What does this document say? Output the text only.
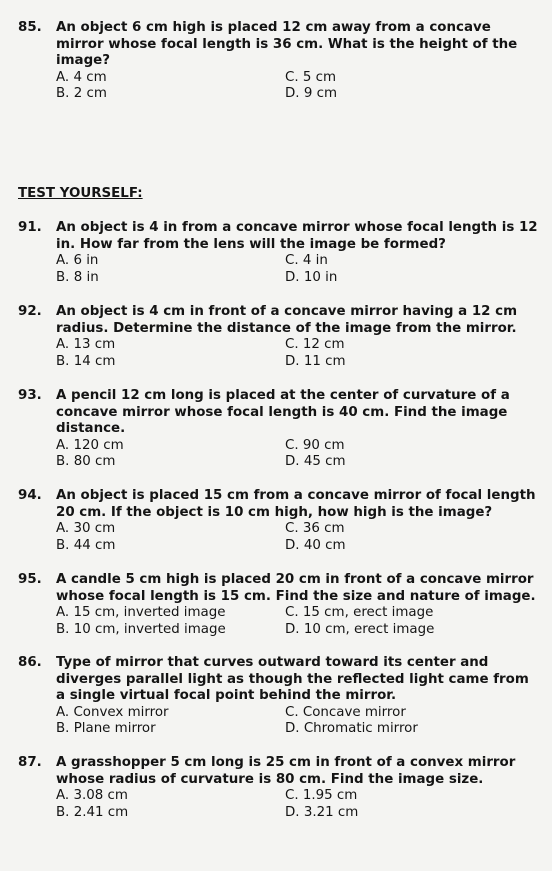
85.	An object 6 cm high is placed 12 cm away from a concave mirror whose focal length is 36 cm. What is the height of the image?
A. 4 cm	C. 5 cm
B. 2 cm	D. 9 cm
TEST YOURSELF:
91.	An object is 4 in from a concave mirror whose focal length is 12 in. How far from the lens will the image be formed?
A. 6 in	C. 4 in
B. 8 in	D. 10 in
92.	An object is 4 cm in front of a concave mirror having a 12 cm radius. Determine the distance of the image from the mirror.
A. 13 cm	C. 12 cm
B. 14 cm	D. 11 cm
93.	A pencil 12 cm long is placed at the center of curvature of a concave mirror whose focal length is 40 cm. Find the image distance.
A. 120 cm	C. 90 cm
B. 80 cm	D. 45 cm
94.	An object is placed 15 cm from a concave mirror of focal length 20 cm. If the object is 10 cm high, how high is the image?
A. 30 cm	C. 36 cm
B. 44 cm	D. 40 cm
95.	A candle 5 cm high is placed 20 cm in front of a concave mirror whose focal length is 15 cm. Find the size and nature of image.
A. 15 cm, inverted image	C. 15 cm, erect image
B. 10 cm, inverted image	D. 10 cm, erect image
86.	Type of mirror that curves outward toward its center and diverges parallel light as though the reflected light came from a single virtual focal point behind the mirror.
A. Convex mirror	C. Concave mirror
B. Plane mirror	D. Chromatic mirror
87.	A grasshopper 5 cm long is 25 cm in front of a convex mirror whose radius of curvature is 80 cm. Find the image size.
A. 3.08 cm	C. 1.95 cm
B. 2.41 cm	D. 3.21 cm
